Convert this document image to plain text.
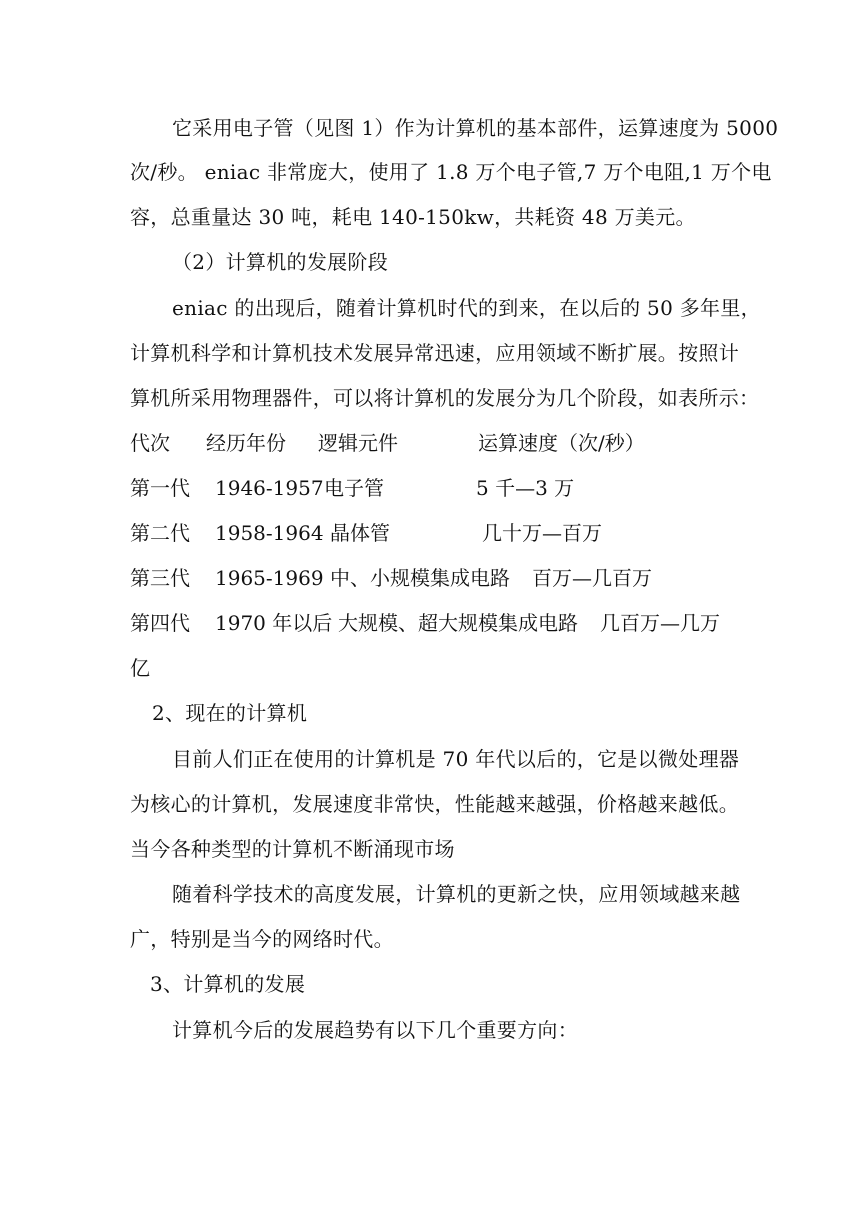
它采用电子管（见图 1）作为计算机的基本部件，运算速度为 5000
次/秒。 eniac 非常庞大，使用了 1.8 万个电子管,7 万个电阻,1 万个电
容，总重量达 30 吨，耗电 140-150kw，共耗资 48 万美元。
（2）计算机的发展阶段
eniac 的出现后，随着计算机时代的到来，在以后的 50 多年里，
计算机科学和计算机技术发展异常迅速，应用领域不断扩展。按照计
算机所采用物理器件，可以将计算机的发展分为几个阶段，如表所示：
代次 经历年份 逻辑元件	运算速度（次/秒）
第一代 1946-1957 电子管	5 千—3 万
第二代 1958-1964 晶体管	几十万—百万
第三代 1965-1969 中、小规模集成电路 百万—几百万
第四代 1970 年以后 大规模、超大规模集成电路 几百万—几万
亿
2、现在的计算机
目前人们正在使用的计算机是 70 年代以后的，它是以微处理器
为核心的计算机，发展速度非常快，性能越来越强，价格越来越低。
当今各种类型的计算机不断涌现市场
随着科学技术的高度发展，计算机的更新之快，应用领域越来越
广，特别是当今的网络时代。
3、计算机的发展
计算机今后的发展趋势有以下几个重要方向：
